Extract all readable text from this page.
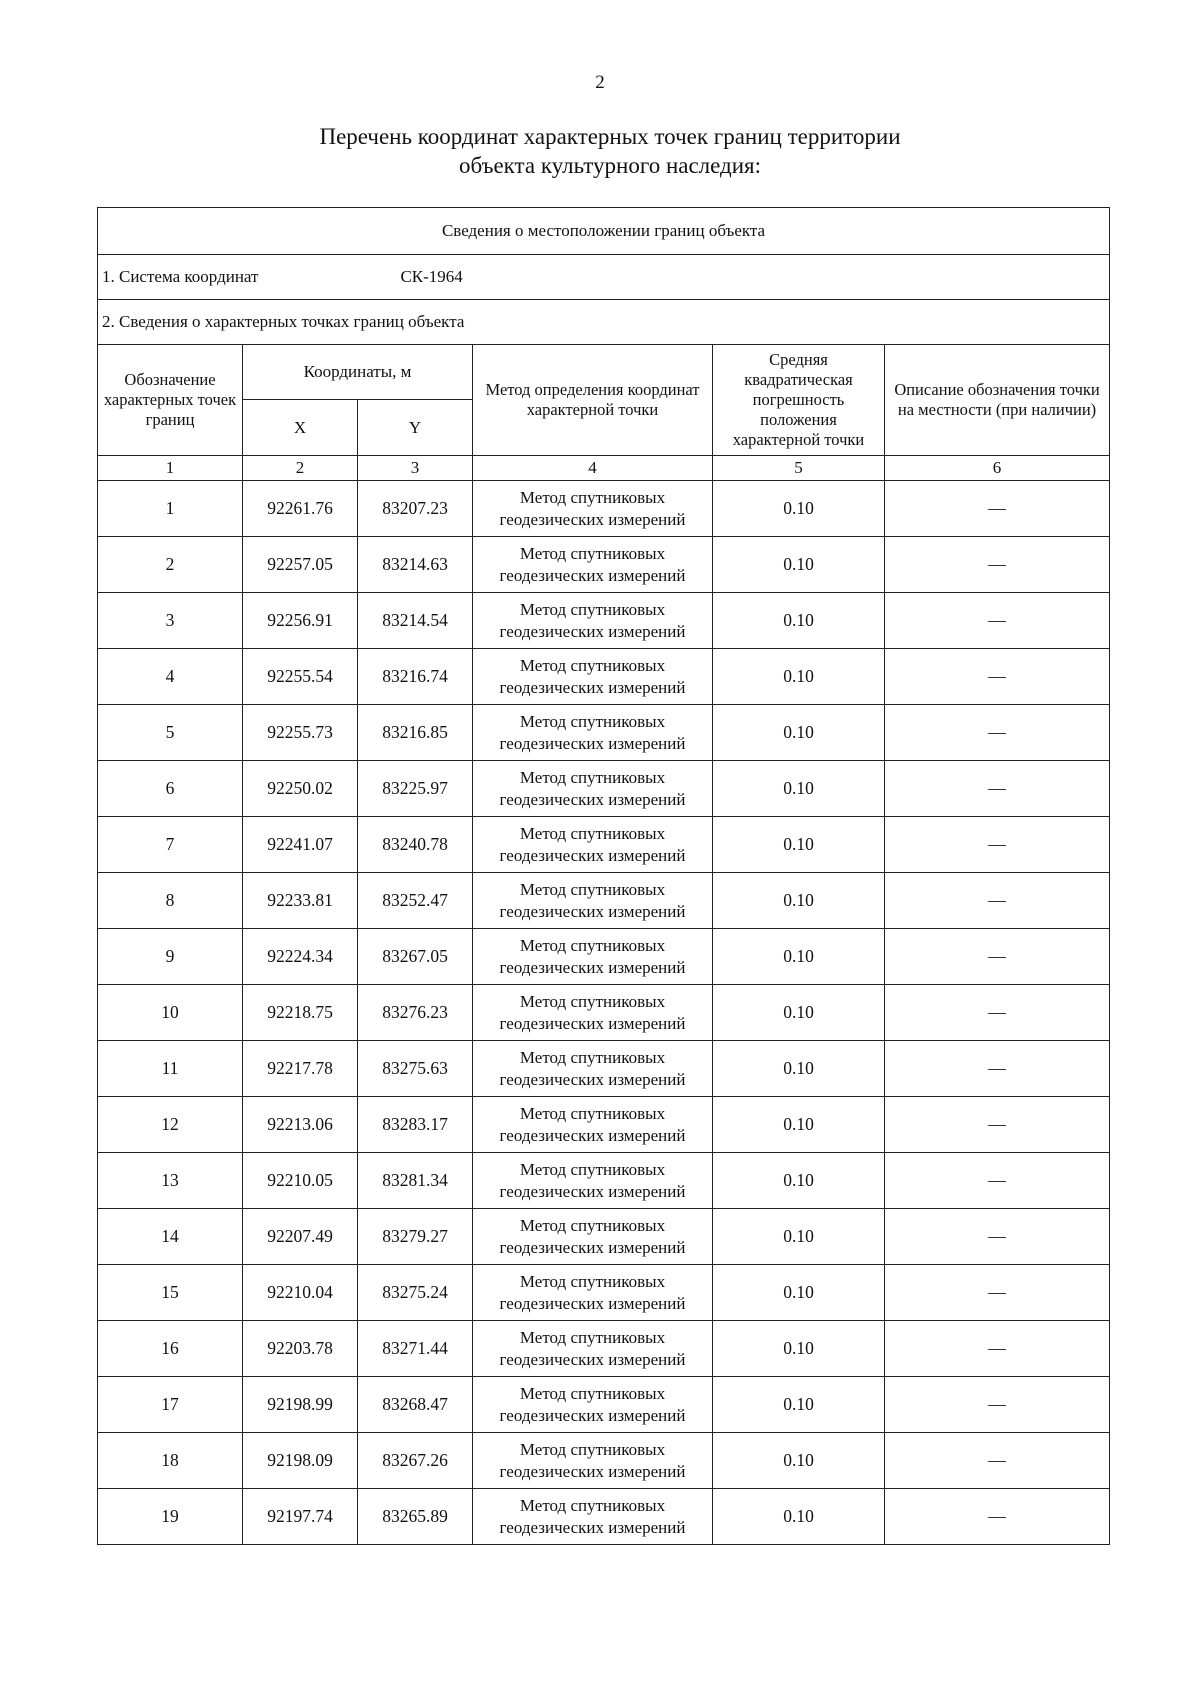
2
Перечень координат характерных точек границ территории
объекта культурного наследия:
Сведения о местоположении границ объекта					
1. Система координат СК-1964					
2. Сведения о характерных точках границ объекта					
Обозначение характерных точек границ	Координаты, м		Метод определения координат характерной точки	Средняя квадратическая погрешность положения характерной точки	Описание обозначения точки на местности (при наличии)
	X	Y			
1	2	3	4	5	6
1	92261.76	83207.23	Метод спутниковых геодезических измерений	0.10	—
2	92257.05	83214.63	Метод спутниковых геодезических измерений	0.10	—
3	92256.91	83214.54	Метод спутниковых геодезических измерений	0.10	—
4	92255.54	83216.74	Метод спутниковых геодезических измерений	0.10	—
5	92255.73	83216.85	Метод спутниковых геодезических измерений	0.10	—
6	92250.02	83225.97	Метод спутниковых геодезических измерений	0.10	—
7	92241.07	83240.78	Метод спутниковых геодезических измерений	0.10	—
8	92233.81	83252.47	Метод спутниковых геодезических измерений	0.10	—
9	92224.34	83267.05	Метод спутниковых геодезических измерений	0.10	—
10	92218.75	83276.23	Метод спутниковых геодезических измерений	0.10	—
11	92217.78	83275.63	Метод спутниковых геодезических измерений	0.10	—
12	92213.06	83283.17	Метод спутниковых геодезических измерений	0.10	—
13	92210.05	83281.34	Метод спутниковых геодезических измерений	0.10	—
14	92207.49	83279.27	Метод спутниковых геодезических измерений	0.10	—
15	92210.04	83275.24	Метод спутниковых геодезических измерений	0.10	—
16	92203.78	83271.44	Метод спутниковых геодезических измерений	0.10	—
17	92198.99	83268.47	Метод спутниковых геодезических измерений	0.10	—
18	92198.09	83267.26	Метод спутниковых геодезических измерений	0.10	—
19	92197.74	83265.89	Метод спутниковых геодезических измерений	0.10	—
